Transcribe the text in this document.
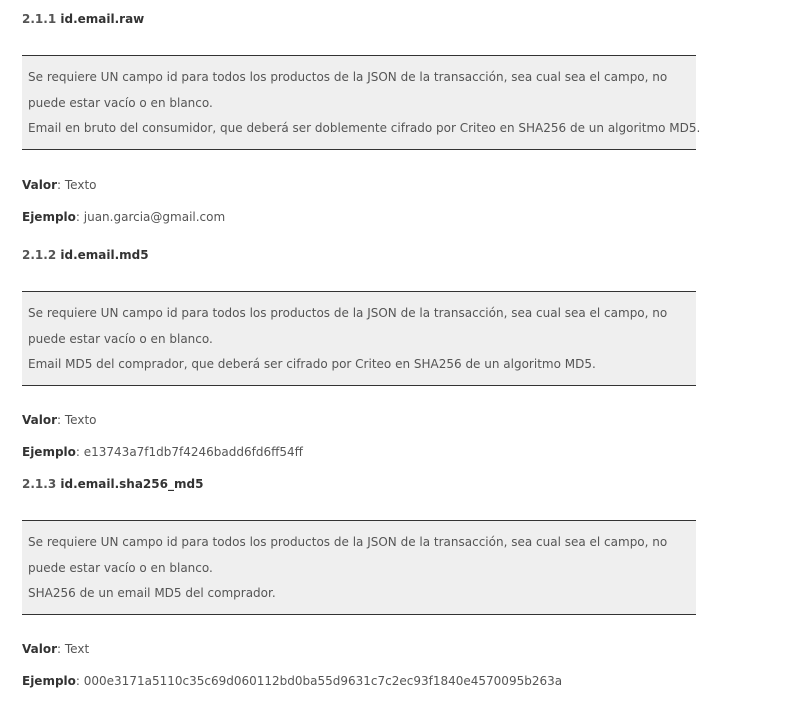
2.1.1 id.email.raw

Se requiere UN campo id para todos los productos de la JSON de la transacción, sea cual sea el campo, no

puede estar vacío o en blanco.

Email en bruto del consumidor, que deberá ser doblemente cifrado por Criteo en SHA256 de un algoritmo MD5.

Valor: Texto

Ejemplo: juan.garcia@gmail.com

2.1.2 id.email.md5

Se requiere UN campo id para todos los productos de la JSON de la transacción, sea cual sea el campo, no

puede estar vacío o en blanco.

Email MD5 del comprador, que deberá ser cifrado por Criteo en SHA256 de un algoritmo MD5.

Valor: Texto

Ejemplo: e13743a7f1db7f4246badd6fd6ff54ff

2.1.3 id.email.sha256_md5

Se requiere UN campo id para todos los productos de la JSON de la transacción, sea cual sea el campo, no

puede estar vacío o en blanco.

SHA256 de un email MD5 del comprador.

Valor: Text

Ejemplo: 000e3171a5110c35c69d060112bd0ba55d9631c7c2ec93f1840e4570095b263a
